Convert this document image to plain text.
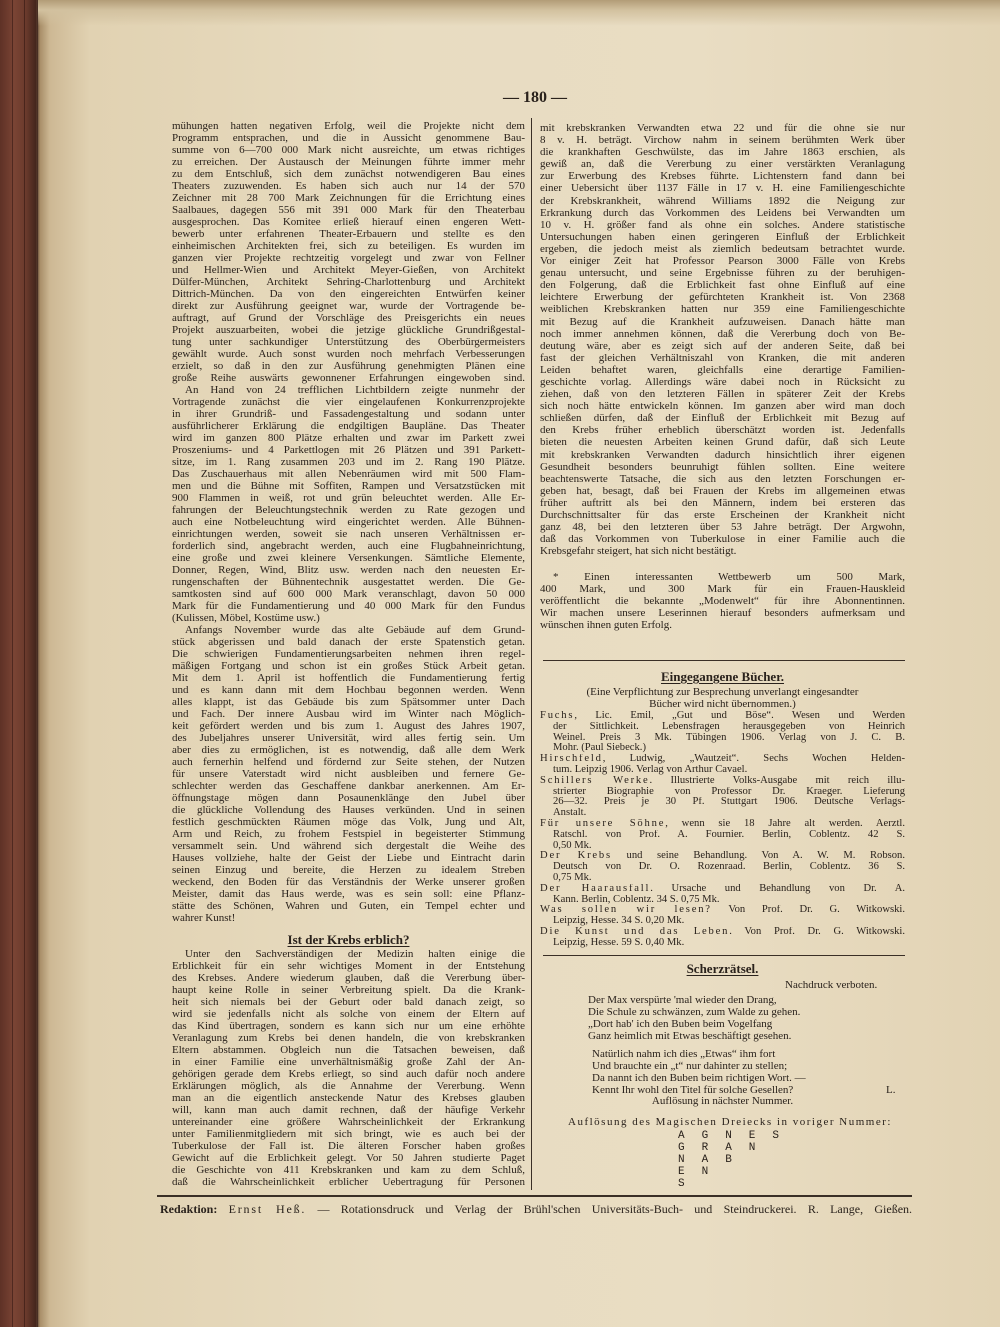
— 180 —
mühungen hatten negativen Erfolg, weil die Projekte nicht dem
Programm entsprachen, und die in Aussicht genommene Bau-
summe von 6—700 000 Mark nicht ausreichte, um etwas richtiges
zu erreichen. Der Austausch der Meinungen führte immer mehr
zu dem Entschluß, sich dem zunächst notwendigeren Bau eines
Theaters zuzuwenden. Es haben sich auch nur 14 der 570
Zeichner mit 28 700 Mark Zeichnungen für die Errichtung eines
Saalbaues, dagegen 556 mit 391 000 Mark für den Theaterbau
ausgesprochen. Das Komitee erließ hierauf einen engeren Wett-
bewerb unter erfahrenen Theater-Erbauern und stellte es den
einheimischen Architekten frei, sich zu beteiligen. Es wurden im
ganzen vier Projekte rechtzeitig vorgelegt und zwar von Fellner
und Hellmer-Wien und Architekt Meyer-Gießen, von Architekt
Dülfer-München, Architekt Sehring-Charlottenburg und Architekt
Dittrich-München. Da von den eingereichten Entwürfen keiner
direkt zur Ausführung geeignet war, wurde der Vortragende be-
auftragt, auf Grund der Vorschläge des Preisgerichts ein neues
Projekt auszuarbeiten, wobei die jetzige glückliche Grundrißgestal-
tung unter sachkundiger Unterstützung des Oberbürgermeisters
gewählt wurde. Auch sonst wurden noch mehrfach Verbesserungen
erzielt, so daß in den zur Ausführung genehmigten Plänen eine
große Reihe auswärts gewonnener Erfahrungen eingewoben sind.
An Hand von 24 trefflichen Lichtbildern zeigte nunmehr der
Vortragende zunächst die vier eingelaufenen Konkurrenzprojekte
in ihrer Grundriß- und Fassadengestaltung und sodann unter
ausführlicherer Erklärung die endgiltigen Baupläne. Das Theater
wird im ganzen 800 Plätze erhalten und zwar im Parkett zwei
Proszeniums- und 4 Parkettlogen mit 26 Plätzen und 391 Parkett-
sitze, im 1. Rang zusammen 203 und im 2. Rang 190 Plätze.
Das Zuschauerhaus mit allen Nebenräumen wird mit 500 Flam-
men und die Bühne mit Soffiten, Rampen und Versatzstücken mit
900 Flammen in weiß, rot und grün beleuchtet werden. Alle Er-
fahrungen der Beleuchtungstechnik werden zu Rate gezogen und
auch eine Notbeleuchtung wird eingerichtet werden. Alle Bühnen-
einrichtungen werden, soweit sie nach unseren Verhältnissen er-
forderlich sind, angebracht werden, auch eine Flugbahneinrichtung,
eine große und zwei kleinere Versenkungen. Sämtliche Elemente,
Donner, Regen, Wind, Blitz usw. werden nach den neuesten Er-
rungenschaften der Bühnentechnik ausgestattet werden. Die Ge-
samtkosten sind auf 600 000 Mark veranschlagt, davon 50 000
Mark für die Fundamentierung und 40 000 Mark für den Fundus
(Kulissen, Möbel, Kostüme usw.)
Anfangs November wurde das alte Gebäude auf dem Grund-
stück abgerissen und bald danach der erste Spatenstich getan.
Die schwierigen Fundamentierungsarbeiten nehmen ihren regel-
mäßigen Fortgang und schon ist ein großes Stück Arbeit getan.
Mit dem 1. April ist hoffentlich die Fundamentierung fertig
und es kann dann mit dem Hochbau begonnen werden. Wenn
alles klappt, ist das Gebäude bis zum Spätsommer unter Dach
und Fach. Der innere Ausbau wird im Winter nach Möglich-
keit gefördert werden und bis zum 1. August des Jahres 1907,
des Jubeljahres unserer Universität, wird alles fertig sein. Um
aber dies zu ermöglichen, ist es notwendig, daß alle dem Werk
auch fernerhin helfend und fördernd zur Seite stehen, der Nutzen
für unsere Vaterstadt wird nicht ausbleiben und fernere Ge-
schlechter werden das Geschaffene dankbar anerkennen. Am Er-
öffnungstage mögen dann Posaunenklänge den Jubel über
die glückliche Vollendung des Hauses verkünden. Und in seinen
festlich geschmückten Räumen möge das Volk, Jung und Alt,
Arm und Reich, zu frohem Festspiel in begeisterter Stimmung
versammelt sein. Und während sich dergestalt die Weihe des
Hauses vollziehe, halte der Geist der Liebe und Eintracht darin
seinen Einzug und bereite, die Herzen zu idealem Streben
weckend, den Boden für das Verständnis der Werke unserer großen
Meister, damit das Haus werde, was es sein soll: eine Pflanz-
stätte des Schönen, Wahren und Guten, ein Tempel echter und
wahrer Kunst!
Ist der Krebs erblich?
Unter den Sachverständigen der Medizin halten einige die
Erblichkeit für ein sehr wichtiges Moment in der Entstehung
des Krebses. Andere wiederum glauben, daß die Vererbung über-
haupt keine Rolle in seiner Verbreitung spielt. Da die Krank-
heit sich niemals bei der Geburt oder bald danach zeigt, so
wird sie jedenfalls nicht als solche von einem der Eltern auf
das Kind übertragen, sondern es kann sich nur um eine erhöhte
Veranlagung zum Krebs bei denen handeln, die von krebskranken
Eltern abstammen. Obgleich nun die Tatsachen beweisen, daß
in einer Familie eine unverhältnismäßig große Zahl der An-
gehörigen gerade dem Krebs erliegt, so sind auch dafür noch andere
Erklärungen möglich, als die Annahme der Vererbung. Wenn
man an die eigentlich ansteckende Natur des Krebses glauben
will, kann man auch damit rechnen, daß der häufige Verkehr
untereinander eine größere Wahrscheinlichkeit der Erkrankung
unter Familienmitgliedern mit sich bringt, wie es auch bei der
Tuberkulose der Fall ist. Die älteren Forscher haben großes
Gewicht auf die Erblichkeit gelegt. Vor 50 Jahren studierte Paget
die Geschichte von 411 Krebskranken und kam zu dem Schluß,
daß die Wahrscheinlichkeit erblicher Uebertragung für Personen
mit krebskranken Verwandten etwa 22 und für die ohne sie nur
8 v. H. beträgt. Virchow nahm in seinem berühmten Werk über
die krankhaften Geschwülste, das im Jahre 1863 erschien, als
gewiß an, daß die Vererbung zu einer verstärkten Veranlagung
zur Erwerbung des Krebses führte. Lichtenstern fand dann bei
einer Uebersicht über 1137 Fälle in 17 v. H. eine Familiengeschichte
der Krebskrankheit, während Williams 1892 die Neigung zur
Erkrankung durch das Vorkommen des Leidens bei Verwandten um
10 v. H. größer fand als ohne ein solches. Andere statistische
Untersuchungen haben einen geringeren Einfluß der Erblichkeit
ergeben, die jedoch meist als ziemlich bedeutsam betrachtet wurde.
Vor einiger Zeit hat Professor Pearson 3000 Fälle von Krebs
genau untersucht, und seine Ergebnisse führen zu der beruhigen-
den Folgerung, daß die Erblichkeit fast ohne Einfluß auf eine
leichtere Erwerbung der gefürchteten Krankheit ist. Von 2368
weiblichen Krebskranken hatten nur 359 eine Familiengeschichte
mit Bezug auf die Krankheit aufzuweisen. Danach hätte man
noch immer annehmen können, daß die Vererbung doch von Be-
deutung wäre, aber es zeigt sich auf der anderen Seite, daß bei
fast der gleichen Verhältniszahl von Kranken, die mit anderen
Leiden behaftet waren, gleichfalls eine derartige Familien-
geschichte vorlag. Allerdings wäre dabei noch in Rücksicht zu
ziehen, daß von den letzteren Fällen in späterer Zeit der Krebs
sich noch hätte entwickeln können. Im ganzen aber wird man doch
schließen dürfen, daß der Einfluß der Erblichkeit mit Bezug auf
den Krebs früher erheblich überschätzt worden ist. Jedenfalls
bieten die neuesten Arbeiten keinen Grund dafür, daß sich Leute
mit krebskranken Verwandten dadurch hinsichtlich ihrer eigenen
Gesundheit besonders beunruhigt fühlen sollten. Eine weitere
beachtenswerte Tatsache, die sich aus den letzten Forschungen er-
geben hat, besagt, daß bei Frauen der Krebs im allgemeinen etwas
früher auftritt als bei den Männern, indem bei ersteren das
Durchschnittsalter für das erste Erscheinen der Krankheit nicht
ganz 48, bei den letzteren über 53 Jahre beträgt. Der Argwohn,
daß das Vorkommen von Tuberkulose in einer Familie auch die
Krebsgefahr steigert, hat sich nicht bestätigt.
* Einen interessanten Wettbewerb um 500 Mark,
400 Mark, und 300 Mark für ein Frauen-Hauskleid
veröffentlicht die bekannte „Modenwelt“ für ihre Abonnentinnen.
Wir machen unsere Leserinnen hierauf besonders aufmerksam und
wünschen ihnen guten Erfolg.
Eingegangene Bücher.
(Eine Verpflichtung zur Besprechung unverlangt eingesandter
Bücher wird nicht übernommen.)
Fuchs, Lic. Emil, „Gut und Böse“. Wesen und Werden
der Sittlichkeit. Lebensfragen herausgegeben von Heinrich
Weinel. Preis 3 Mk. Tübingen 1906. Verlag von J. C. B.
Mohr. (Paul Siebeck.)
Hirschfeld, Ludwig, „Wautzeit“. Sechs Wochen Helden-
tum. Leipzig 1906. Verlag von Arthur Cavael.
Schillers Werke. Illustrierte Volks-Ausgabe mit reich illu-
strierter Biographie von Professor Dr. Kraeger. Lieferung
26—32. Preis je 30 Pf. Stuttgart 1906. Deutsche Verlags-
Anstalt.
Für unsere Söhne, wenn sie 18 Jahre alt werden. Aerztl.
Ratschl. von Prof. A. Fournier. Berlin, Coblentz. 42 S.
0,50 Mk.
Der Krebs und seine Behandlung. Von A. W. M. Robson.
Deutsch von Dr. O. Rozenraad. Berlin, Coblentz. 36 S.
0,75 Mk.
Der Haarausfall. Ursache und Behandlung von Dr. A.
Kann. Berlin, Coblentz. 34 S. 0,75 Mk.
Was sollen wir lesen? Von Prof. Dr. G. Witkowski.
Leipzig, Hesse. 34 S. 0,20 Mk.
Die Kunst und das Leben. Von Prof. Dr. G. Witkowski.
Leipzig, Hesse. 59 S. 0,40 Mk.
Scherzrätsel.
Nachdruck verboten.
Der Max verspürte 'mal wieder den Drang,
Die Schule zu schwänzen, zum Walde zu gehen.
„Dort hab' ich den Buben beim Vogelfang
Ganz heimlich mit Etwas beschäftigt gesehen.
Natürlich nahm ich dies „Etwas“ ihm fort
Und brauchte ein „t“ nur dahinter zu stellen;
Da nannt ich den Buben beim richtigen Wort. —
Kennt Ihr wohl den Titel für solche Gesellen?	L.
Auflösung in nächster Nummer.
Auflösung des Magischen Dreiecks in voriger Nummer:
A G N E S
G R A N
N A B
E N
S
Redaktion: Ernst Heß. — Rotationsdruck und Verlag der Brühl'schen Universitäts-Buch- und Steindruckerei. R. Lange, Gießen.
